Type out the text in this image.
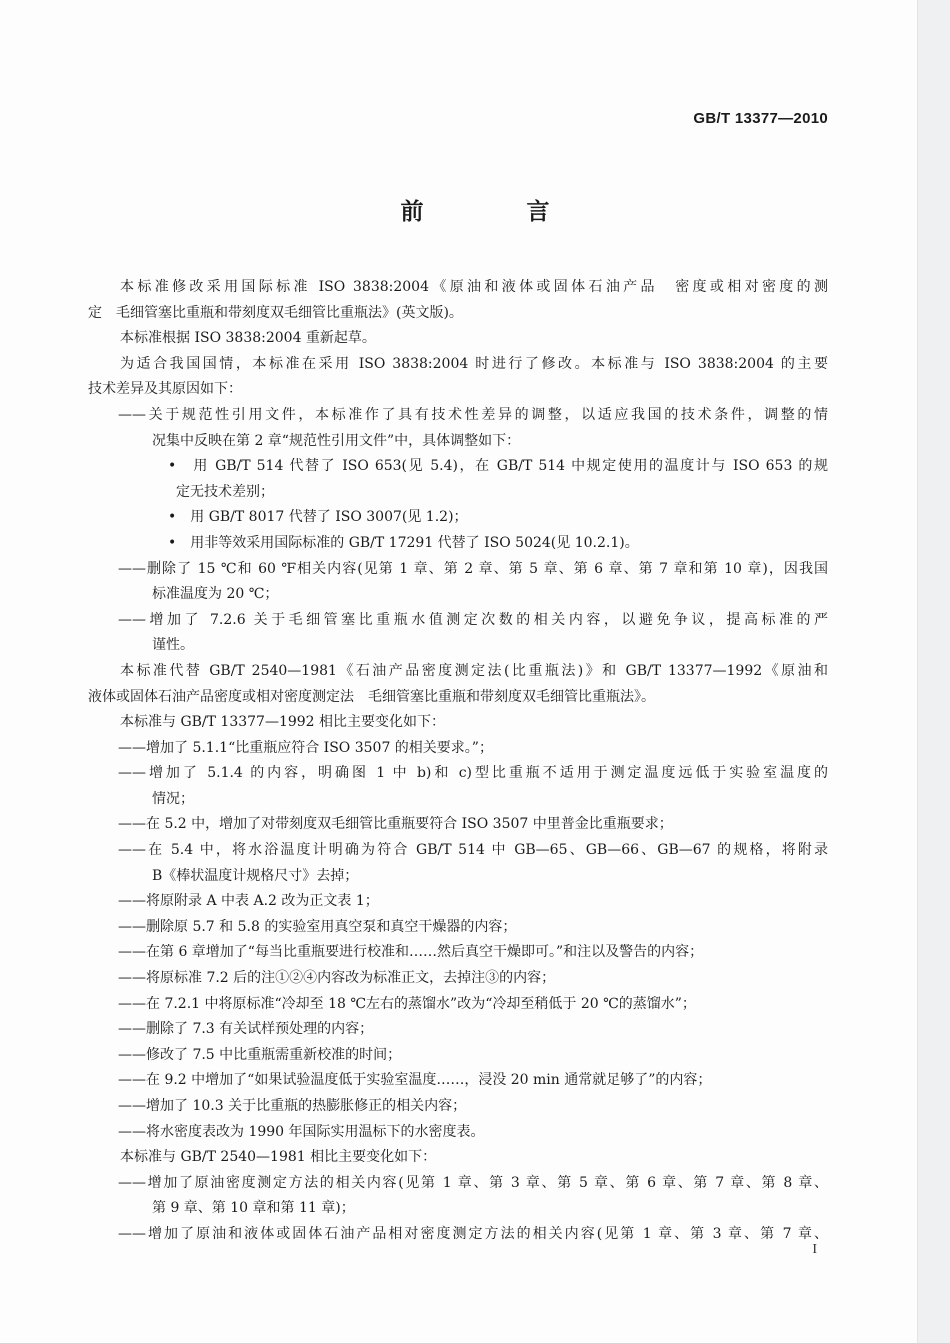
GB/T 13377—2010
前　言
本标准修改采用国际标准 ISO 3838:2004《原油和液体或固体石油产品　密度或相对密度的测
定　毛细管塞比重瓶和带刻度双毛细管比重瓶法》(英文版)。
本标准根据 ISO 3838:2004 重新起草。
为适合我国国情，本标准在采用 ISO 3838:2004 时进行了修改。本标准与 ISO 3838:2004 的主要
技术差异及其原因如下：
——关于规范性引用文件，本标准作了具有技术性差异的调整，以适应我国的技术条件，调整的情
况集中反映在第 2 章“规范性引用文件”中，具体调整如下：
•　用 GB/T 514 代替了 ISO 653(见 5.4)，在 GB/T 514 中规定使用的温度计与 ISO 653 的规
定无技术差别；
•　用 GB/T 8017 代替了 ISO 3007(见 1.2)；
•　用非等效采用国际标准的 GB/T 17291 代替了 ISO 5024(见 10.2.1)。
——删除了 15 ℃和 60 ℉相关内容(见第 1 章、第 2 章、第 5 章、第 6 章、第 7 章和第 10 章)，因我国
标准温度为 20 ℃；
——增加了 7.2.6 关于毛细管塞比重瓶水值测定次数的相关内容，以避免争议，提高标准的严
谨性。
本标准代替 GB/T 2540—1981《石油产品密度测定法(比重瓶法)》和 GB/T 13377—1992《原油和
液体或固体石油产品密度或相对密度测定法　毛细管塞比重瓶和带刻度双毛细管比重瓶法》。
本标准与 GB/T 13377—1992 相比主要变化如下：
——增加了 5.1.1“比重瓶应符合 ISO 3507 的相关要求。”；
——增加了 5.1.4 的内容，明确图 1 中 b)和 c)型比重瓶不适用于测定温度远低于实验室温度的
情况；
——在 5.2 中，增加了对带刻度双毛细管比重瓶要符合 ISO 3507 中里普金比重瓶要求；
——在 5.4 中，将水浴温度计明确为符合 GB/T 514 中 GB—65、GB—66、GB—67 的规格，将附录
B《棒状温度计规格尺寸》去掉；
——将原附录 A 中表 A.2 改为正文表 1；
——删除原 5.7 和 5.8 的实验室用真空泵和真空干燥器的内容；
——在第 6 章增加了“每当比重瓶要进行校准和……然后真空干燥即可。”和注以及警告的内容；
——将原标准 7.2 后的注①②④内容改为标准正文，去掉注③的内容；
——在 7.2.1 中将原标准“冷却至 18 ℃左右的蒸馏水”改为“冷却至稍低于 20 ℃的蒸馏水”；
——删除了 7.3 有关试样预处理的内容；
——修改了 7.5 中比重瓶需重新校准的时间；
——在 9.2 中增加了“如果试验温度低于实验室温度……，浸没 20 min 通常就足够了”的内容；
——增加了 10.3 关于比重瓶的热膨胀修正的相关内容；
——将水密度表改为 1990 年国际实用温标下的水密度表。
本标准与 GB/T 2540—1981 相比主要变化如下：
——增加了原油密度测定方法的相关内容(见第 1 章、第 3 章、第 5 章、第 6 章、第 7 章、第 8 章、
第 9 章、第 10 章和第 11 章)；
——增加了原油和液体或固体石油产品相对密度测定方法的相关内容(见第 1 章、第 3 章、第 7 章、
I
